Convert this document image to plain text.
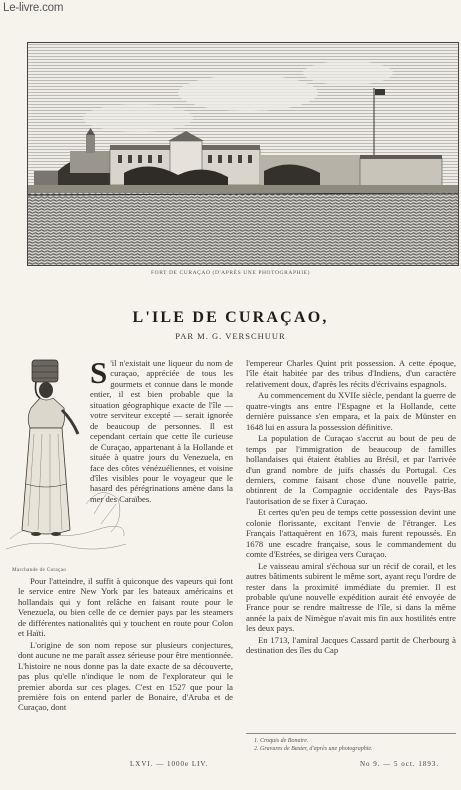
Le-livre.com
FORT DE CURAÇAO (D'APRÈS UNE PHOTOGRAPHIE)
L'ILE DE CURAÇAO,
PAR M. G. VERSCHUUR
Marchande de Curaçao

S 'il n'existait une liqueur du nom de curaçao, appréciée de tous les gourmets et connue dans le monde entier, il est bien probable que la situation géographique exacte de l'île — votre serviteur excepté — serait ignorée de beaucoup de personnes. Il est cependant certain que cette île curieuse de Curaçao, appartenant à la Hollande et située à quatre jours du Venezuela, en face des côtes vénézuéliennes, et voisine d'îles visibles pour le voyageur que le hasard des pérégrinations amène dans la mer des Caraïbes.

Pour l'atteindre, il suffit à quiconque des vapeurs qui font le service entre New York par les bateaux américains et hollandais qui y font relâche en faisant route pour le Venezuela, ou bien celle de ce dernier pays par les steamers de différentes nationalités qui y touchent en route pour Colon et Haïti.

L'origine de son nom repose sur plusieurs conjectures, dont aucune ne me paraît assez sérieuse pour être mentionnée. L'histoire ne nous donne pas la date exacte de sa découverte, pas plus qu'elle n'indique le nom de l'explorateur qui le premier aborda sur ces plages. C'est en 1527 que pour la première fois on entend parler de Bonaire, d'Aruba et de Curaçao, dont

l'empereur Charles Quint prit possession. A cette époque, l'île était habitée par des tribus d'Indiens, d'un caractère relativement doux, d'après les récits d'écrivains espagnols.

Au commencement du XVIIe siècle, pendant la guerre de quatre-vingts ans entre l'Espagne et la Hollande, cette dernière puissance s'en empara, et la paix de Münster en 1648 lui en assura la possession définitive.

La population de Curaçao s'accrut au bout de peu de temps par l'immigration de beaucoup de familles hollandaises qui étaient établies au Brésil, et par l'arrivée d'un grand nombre de juifs chassés du Portugal. Ces derniers, comme faisant chose d'une nouvelle patrie, obtinrent de la Compagnie occidentale des Pays-Bas l'autorisation de se fixer à Curaçao.

Et certes qu'en peu de temps cette possession devint une colonie florissante, excitant l'envie de l'étranger. Les Français l'attaquèrent en 1673, mais furent repoussés. En 1678 une escadre française, sous le commandement du comte d'Estrées, se dirigea vers Curaçao.

Le vaisseau amiral s'échoua sur un récif de corail, et les autres bâtiments subirent le même sort, ayant reçu l'ordre de rester dans la proximité immédiate du premier. Il est probable qu'une nouvelle expédition aurait été envoyée de France pour se rendre maîtresse de l'île, si dans la même année la paix de Nimègue n'avait mis fin aux hostilités entre les deux pays.

En 1713, l'amiral Jacques Cassard partit de Cherbourg à destination des îles du Cap

1. Croquis de Bonaire.
2. Gravures de Baxter, d'après une photographie.
LXVI. — 1000e LIV.	No 9. — 5 oct. 1893.
